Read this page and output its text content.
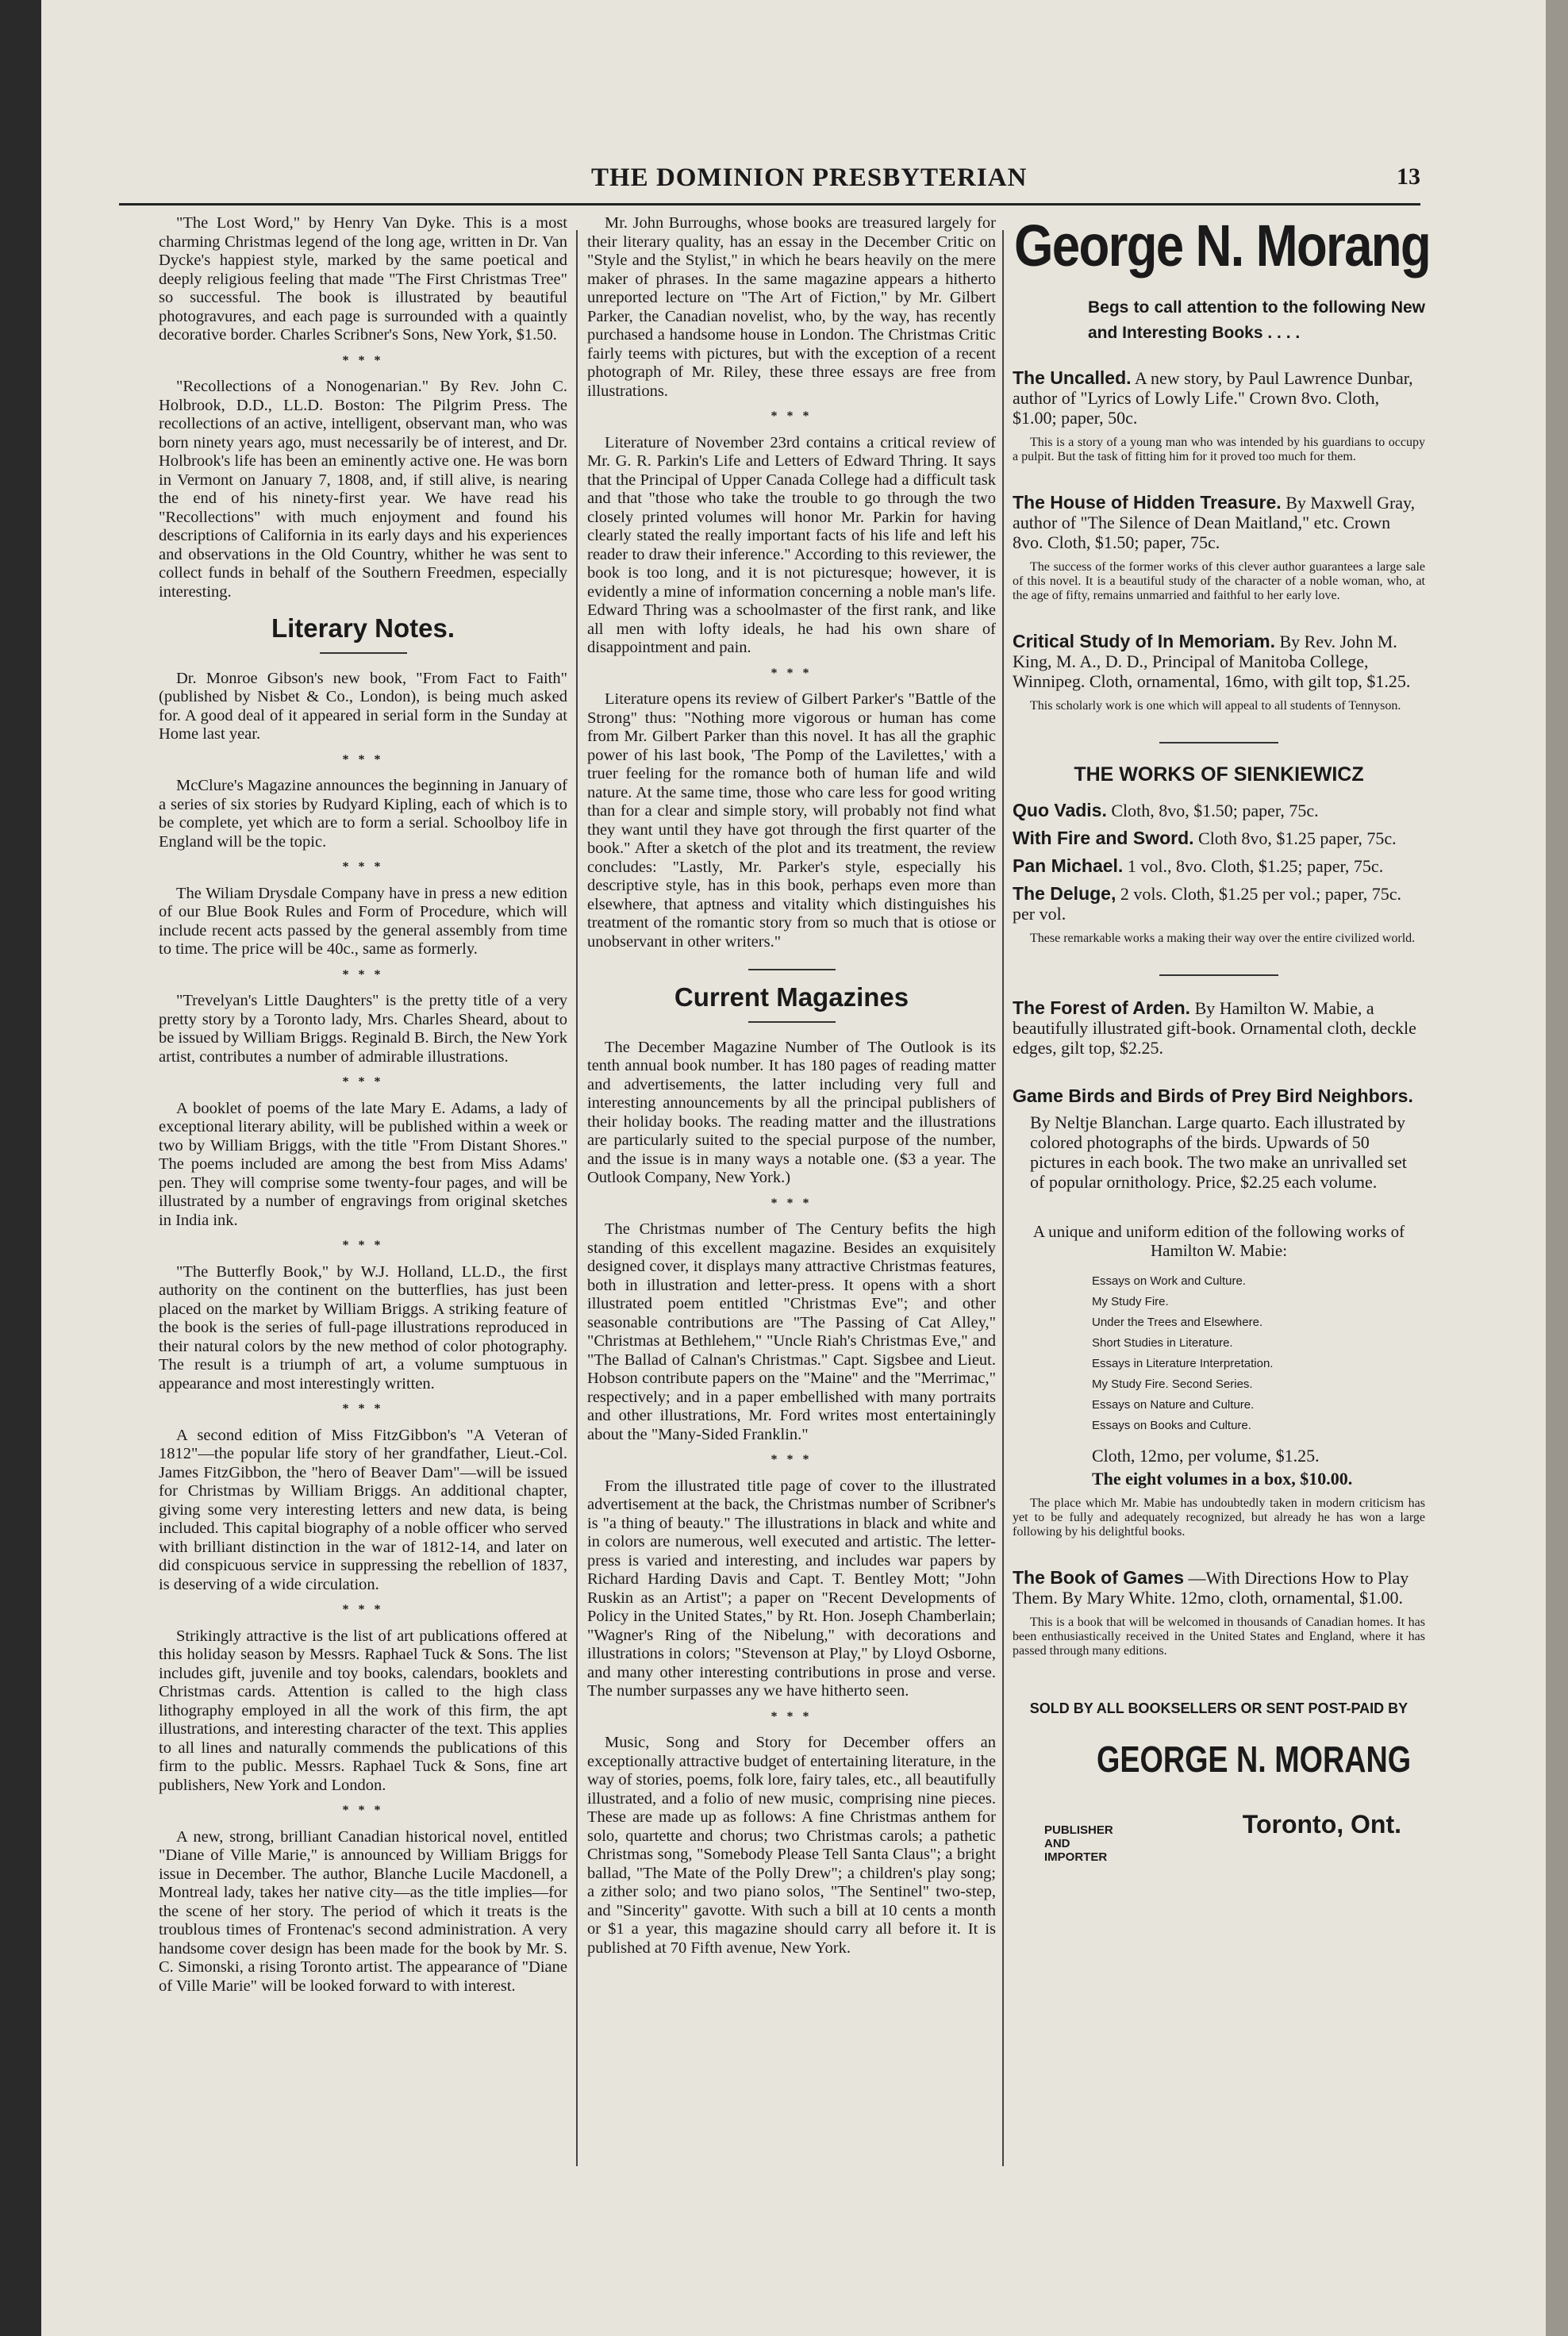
THE DOMINION PRESBYTERIAN	13

"The Lost Word," by Henry Van Dyke. This is a most charming Christmas legend of the long age, written in Dr. Van Dycke's happiest style, marked by the same poetical and deeply religious feeling that made "The First Christmas Tree" so successful. The book is illustrated by beautiful photogravures, and each page is surrounded with a quaintly decorative border. Charles Scribner's Sons, New York, $1.50.

* * *

"Recollections of a Nonogenarian." By Rev. John C. Holbrook, D.D., LL.D. Boston: The Pilgrim Press. The recollections of an active, intelligent, observant man, who was born ninety years ago, must necessarily be of interest, and Dr. Holbrook's life has been an eminently active one. He was born in Vermont on January 7, 1808, and, if still alive, is nearing the end of his ninety-first year. We have read his "Recollections" with much enjoyment and found his descriptions of California in its early days and his experiences and observations in the Old Country, whither he was sent to collect funds in behalf of the Southern Freedmen, especially interesting.

Literary Notes.

Dr. Monroe Gibson's new book, "From Fact to Faith" (published by Nisbet & Co., London), is being much asked for. A good deal of it appeared in serial form in the Sunday at Home last year.

* * *

McClure's Magazine announces the beginning in January of a series of six stories by Rudyard Kipling, each of which is to be complete, yet which are to form a serial. Schoolboy life in England will be the topic.

* * *

The Wiliam Drysdale Company have in press a new edition of our Blue Book Rules and Form of Procedure, which will include recent acts passed by the general assembly from time to time. The price will be 40c., same as formerly.

* * *

"Trevelyan's Little Daughters" is the pretty title of a very pretty story by a Toronto lady, Mrs. Charles Sheard, about to be issued by William Briggs. Reginald B. Birch, the New York artist, contributes a number of admirable illustrations.

* * *

A booklet of poems of the late Mary E. Adams, a lady of exceptional literary ability, will be published within a week or two by William Briggs, with the title "From Distant Shores." The poems included are among the best from Miss Adams' pen. They will comprise some twenty-four pages, and will be illustrated by a number of engravings from original sketches in India ink.

* * *

"The Butterfly Book," by W.J. Holland, LL.D., the first authority on the continent on the butterflies, has just been placed on the market by William Briggs. A striking feature of the book is the series of full-page illustrations reproduced in their natural colors by the new method of color photography. The result is a triumph of art, a volume sumptuous in appearance and most interestingly written.

* * *

A second edition of Miss FitzGibbon's "A Veteran of 1812"—the popular life story of her grandfather, Lieut.-Col. James FitzGibbon, the "hero of Beaver Dam"—will be issued for Christmas by William Briggs. An additional chapter, giving some very interesting letters and new data, is being included. This capital biography of a noble officer who served with brilliant distinction in the war of 1812-14, and later on did conspicuous service in suppressing the rebellion of 1837, is deserving of a wide circulation.

* * *

Strikingly attractive is the list of art publications offered at this holiday season by Messrs. Raphael Tuck & Sons. The list includes gift, juvenile and toy books, calendars, booklets and Christmas cards. Attention is called to the high class lithography employed in all the work of this firm, the apt illustrations, and interesting character of the text. This applies to all lines and naturally commends the publications of this firm to the public. Messrs. Raphael Tuck & Sons, fine art publishers, New York and London.

* * *

A new, strong, brilliant Canadian historical novel, entitled "Diane of Ville Marie," is announced by William Briggs for issue in December. The author, Blanche Lucile Macdonell, a Montreal lady, takes her native city—as the title implies—for the scene of her story. The period of which it treats is the troublous times of Frontenac's second administration. A very handsome cover design has been made for the book by Mr. S. C. Simonski, a rising Toronto artist. The appearance of "Diane of Ville Marie" will be looked forward to with interest.

Mr. John Burroughs, whose books are treasured largely for their literary quality, has an essay in the December Critic on "Style and the Stylist," in which he bears heavily on the mere maker of phrases. In the same magazine appears a hitherto unreported lecture on "The Art of Fiction," by Mr. Gilbert Parker, the Canadian novelist, who, by the way, has recently purchased a handsome house in London. The Christmas Critic fairly teems with pictures, but with the exception of a recent photograph of Mr. Riley, these three essays are free from illustrations.

* * *

Literature of November 23rd contains a critical review of Mr. G. R. Parkin's Life and Letters of Edward Thring. It says that the Principal of Upper Canada College had a difficult task and that "those who take the trouble to go through the two closely printed volumes will honor Mr. Parkin for having clearly stated the really important facts of his life and left his reader to draw their inference." According to this reviewer, the book is too long, and it is not picturesque; however, it is evidently a mine of information concerning a noble man's life. Edward Thring was a schoolmaster of the first rank, and like all men with lofty ideals, he had his own share of disappointment and pain.

* * *

Literature opens its review of Gilbert Parker's "Battle of the Strong" thus: "Nothing more vigorous or human has come from Mr. Gilbert Parker than this novel. It has all the graphic power of his last book, 'The Pomp of the Lavilettes,' with a truer feeling for the romance both of human life and wild nature. At the same time, those who care less for good writing than for a clear and simple story, will probably not find what they want until they have got through the first quarter of the book." After a sketch of the plot and its treatment, the review concludes: "Lastly, Mr. Parker's style, especially his descriptive style, has in this book, perhaps even more than elsewhere, that aptness and vitality which distinguishes his treatment of the romantic story from so much that is otiose or unobservant in other writers."

Current Magazines

The December Magazine Number of The Outlook is its tenth annual book number. It has 180 pages of reading matter and advertisements, the latter including very full and interesting announcements by all the principal publishers of their holiday books. The reading matter and the illustrations are particularly suited to the special purpose of the number, and the issue is in many ways a notable one. ($3 a year. The Outlook Company, New York.)

* * *

The Christmas number of The Century befits the high standing of this excellent magazine. Besides an exquisitely designed cover, it displays many attractive Christmas features, both in illustration and letter-press. It opens with a short illustrated poem entitled "Christmas Eve"; and other seasonable contributions are "The Passing of Cat Alley," "Christmas at Bethlehem," "Uncle Riah's Christmas Eve," and "The Ballad of Calnan's Christmas." Capt. Sigsbee and Lieut. Hobson contribute papers on the "Maine" and the "Merrimac," respectively; and in a paper embellished with many portraits and other illustrations, Mr. Ford writes most entertainingly about the "Many-Sided Franklin."

* * *

From the illustrated title page of cover to the illustrated advertisement at the back, the Christmas number of Scribner's is "a thing of beauty." The illustrations in black and white and in colors are numerous, well executed and artistic. The letter-press is varied and interesting, and includes war papers by Richard Harding Davis and Capt. T. Bentley Mott; "John Ruskin as an Artist"; a paper on "Recent Developments of Policy in the United States," by Rt. Hon. Joseph Chamberlain; "Wagner's Ring of the Nibelung," with decorations and illustrations in colors; "Stevenson at Play," by Lloyd Osborne, and many other interesting contributions in prose and verse. The number surpasses any we have hitherto seen.

* * *

Music, Song and Story for December offers an exceptionally attractive budget of entertaining literature, in the way of stories, poems, folk lore, fairy tales, etc., all beautifully illustrated, and a folio of new music, comprising nine pieces. These are made up as follows: A fine Christmas anthem for solo, quartette and chorus; two Christmas carols; a pathetic Christmas song, "Somebody Please Tell Santa Claus"; a bright ballad, "The Mate of the Polly Drew"; a children's play song; a zither solo; and two piano solos, "The Sentinel" two-step, and "Sincerity" gavotte. With such a bill at 10 cents a month or $1 a year, this magazine should carry all before it. It is published at 70 Fifth avenue, New York.

George N. Morang
Begs to call attention to the following New and Interesting Books . . . .
The Uncalled. A new story, by Paul Lawrence Dunbar, author of "Lyrics of Lowly Life." Crown 8vo. Cloth, $1.00; paper, 50c.
This is a story of a young man who was intended by his guardians to occupy a pulpit. But the task of fitting him for it proved too much for them.
The House of Hidden Treasure. By Maxwell Gray, author of "The Silence of Dean Maitland," etc. Crown 8vo. Cloth, $1.50; paper, 75c.
The success of the former works of this clever author guarantees a large sale of this novel. It is a beautiful study of the character of a noble woman, who, at the age of fifty, remains unmarried and faithful to her early love.
Critical Study of In Memoriam. By Rev. John M. King, M. A., D. D., Principal of Manitoba College, Winnipeg. Cloth, ornamental, 16mo, with gilt top, $1.25.
This scholarly work is one which will appeal to all students of Tennyson.
THE WORKS OF SIENKIEWICZ
Quo Vadis. Cloth, 8vo, $1.50; paper, 75c.
With Fire and Sword. Cloth 8vo, $1.25 paper, 75c.
Pan Michael. 1 vol., 8vo. Cloth, $1.25; paper, 75c.
The Deluge, 2 vols. Cloth, $1.25 per vol.; paper, 75c. per vol.
These remarkable works a making their way over the entire civilized world.
The Forest of Arden. By Hamilton W. Mabie, a beautifully illustrated gift-book. Ornamental cloth, deckle edges, gilt top, $2.25.
Game Birds and Birds of Prey Bird Neighbors.
By Neltje Blanchan. Large quarto. Each illustrated by colored photographs of the birds. Upwards of 50 pictures in each book. The two make an unrivalled set of popular ornithology. Price, $2.25 each volume.
A unique and uniform edition of the following works of Hamilton W. Mabie:
Essays on Work and Culture.
My Study Fire.
Under the Trees and Elsewhere.
Short Studies in Literature.
Essays in Literature Interpretation.
My Study Fire. Second Series.
Essays on Nature and Culture.
Essays on Books and Culture.
Cloth, 12mo, per volume, $1.25.
The eight volumes in a box, $10.00.
The place which Mr. Mabie has undoubtedly taken in modern criticism has yet to be fully and adequately recognized, but already he has won a large following by his delightful books.
The Book of Games —With Directions How to Play Them. By Mary White. 12mo, cloth, ornamental, $1.00.
This is a book that will be welcomed in thousands of Canadian homes. It has been enthusiastically received in the United States and England, where it has passed through many editions.
SOLD BY ALL BOOKSELLERS OR SENT POST-PAID BY
GEORGE N. MORANG
PUBLISHER AND IMPORTER
Toronto, Ont.
